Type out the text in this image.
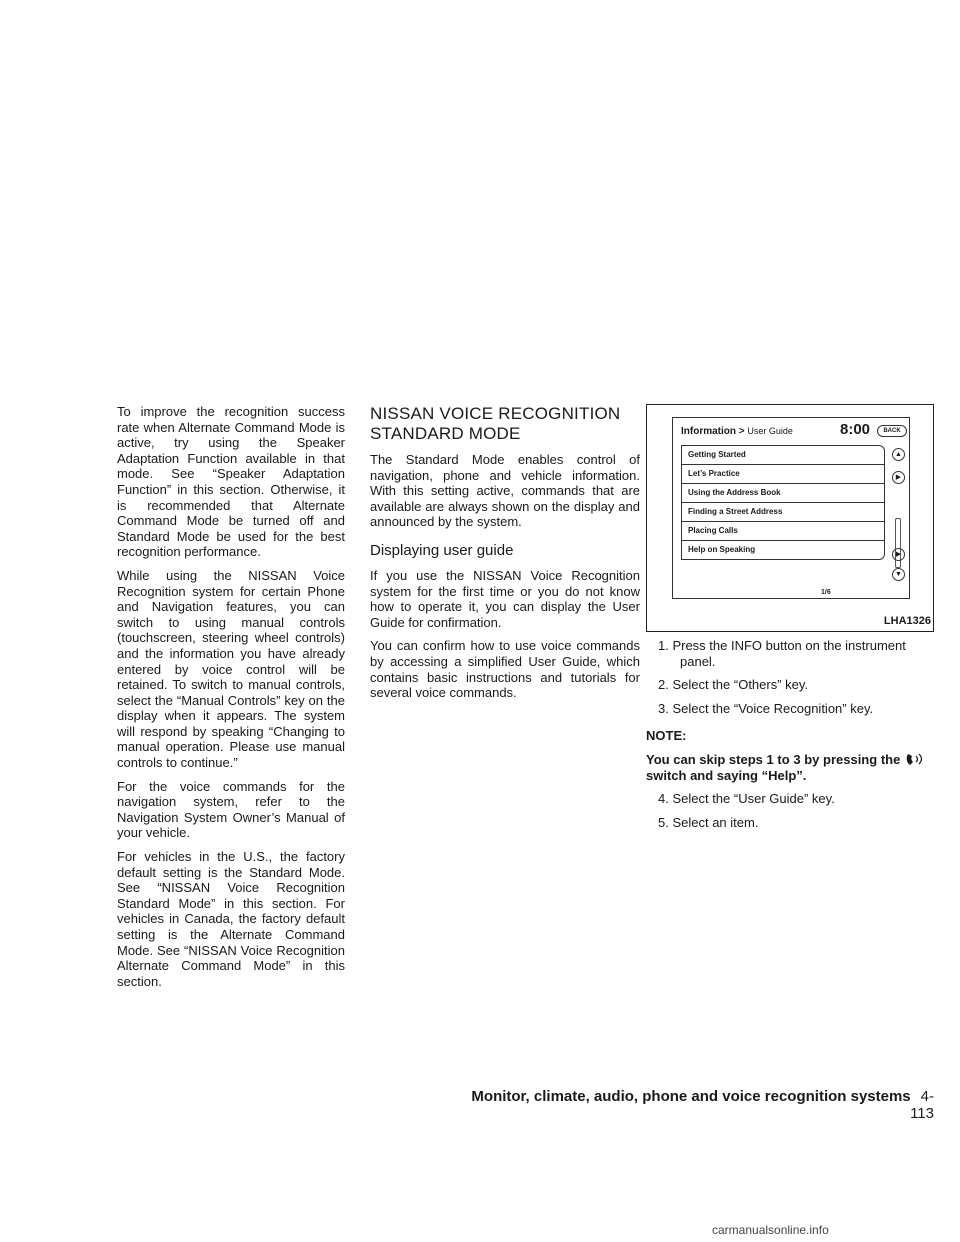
To improve the recognition success rate when Alternate Command Mode is active, try using the Speaker Adaptation Function available in that mode. See “Speaker Adaptation Function” in this section. Otherwise, it is recommended that Alternate Command Mode be turned off and Standard Mode be used for the best recognition performance.

While using the NISSAN Voice Recognition system for certain Phone and Navigation features, you can switch to using manual controls (touchscreen, steering wheel controls) and the information you have already entered by voice control will be retained. To switch to manual controls, select the “Manual Controls” key on the display when it appears. The system will respond by speaking “Changing to manual operation. Please use manual controls to continue.”

For the voice commands for the navigation system, refer to the Navigation System Owner’s Manual of your vehicle.

For vehicles in the U.S., the factory default setting is the Standard Mode. See “NISSAN Voice Recognition Standard Mode” in this section. For vehicles in Canada, the factory default setting is the Alternate Command Mode. See “NISSAN Voice Recognition Alternate Command Mode” in this section.

NISSAN VOICE RECOGNITION STANDARD MODE

The Standard Mode enables control of navigation, phone and vehicle information. With this setting active, commands that are available are always shown on the display and announced by the system.

Displaying user guide

If you use the NISSAN Voice Recognition system for the first time or you do not know how to operate it, you can display the User Guide for confirmation.

You can confirm how to use voice commands by accessing a simplified User Guide, which contains basic instructions and tutorials for several voice commands.

Information > User Guide	8:00	BACK
Getting Started
Let’s Practice
Using the Address Book
Finding a Street Address
Placing Calls
Help on Speaking
▲
▶
▶
▼
1/6
LHA1326
1. Press the INFO button on the instrument panel.
2. Select the “Others” key.
3. Select the “Voice Recognition” key.
NOTE:

You can skip steps 1 to 3 by pressing the  switch and saying “Help”.

4. Select the “User Guide” key.
5. Select an item.
Monitor, climate, audio, phone and voice recognition systems 4-113
carmanualsonline.info
